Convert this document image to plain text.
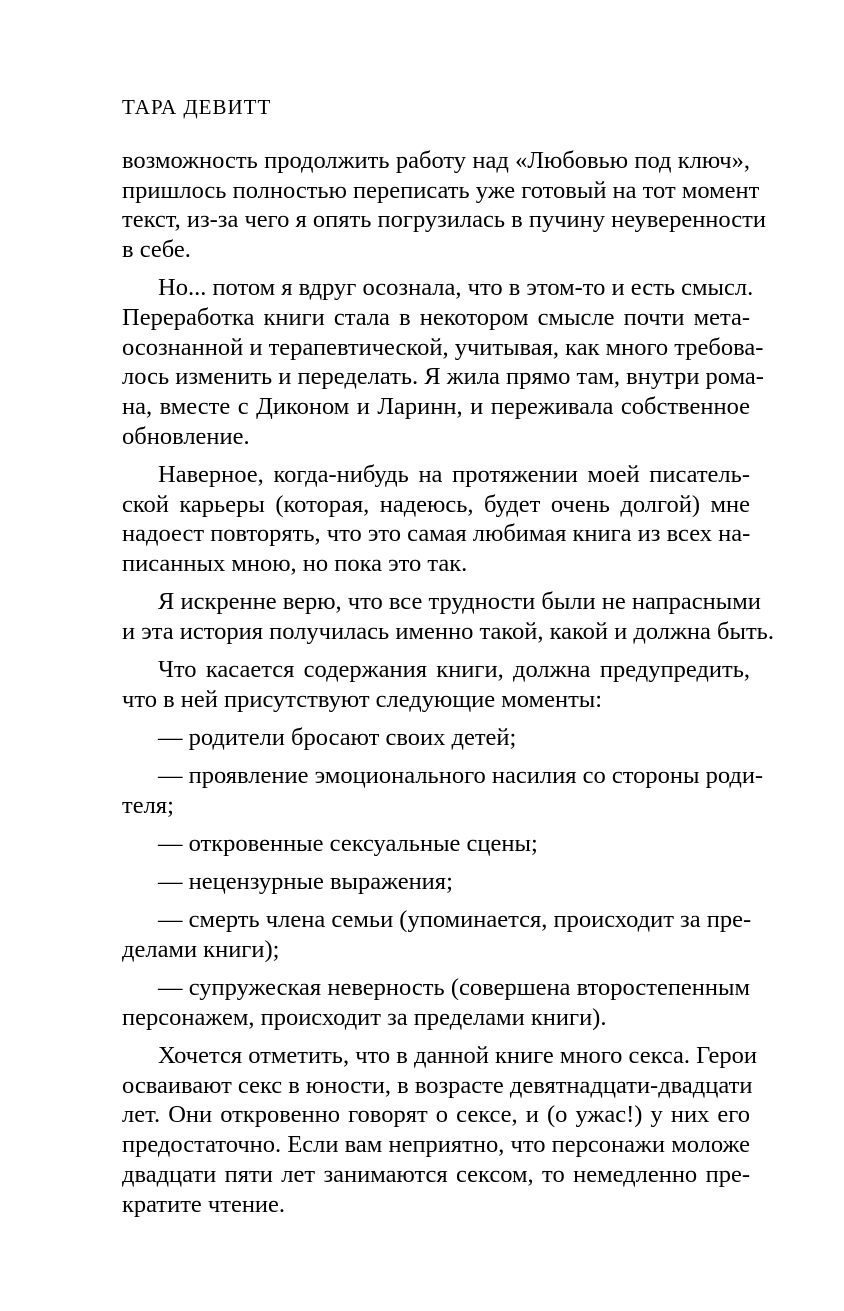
ТАРА ДЕВИТТ
возможность продолжить работу над «Любовью под ключ»,
пришлось полностью переписать уже готовый на тот момент
текст, из-за чего я опять погрузилась в пучину неуверенности
в себе.
Но... потом я вдруг осознала, что в этом-то и есть смысл.
Переработка книги стала в некотором смысле почти мета-
осознанной и терапевтической, учитывая, как много требова-
лось изменить и переделать. Я жила прямо там, внутри рома-
на, вместе с Диконом и Ларинн, и переживала собственное
обновление.
Наверное, когда-нибудь на протяжении моей писатель-
ской карьеры (которая, надеюсь, будет очень долгой) мне
надоест повторять, что это самая любимая книга из всех на-
писанных мною, но пока это так.
Я искренне верю, что все трудности были не напрасными
и эта история получилась именно такой, какой и должна быть.
Что касается содержания книги, должна предупредить,
что в ней присутствуют следующие моменты:
— родители бросают своих детей;
— проявление эмоционального насилия со стороны роди-
теля;
— откровенные сексуальные сцены;
— нецензурные выражения;
— смерть члена семьи (упоминается, происходит за пре-
делами книги);
— супружеская неверность (совершена второстепенным
персонажем, происходит за пределами книги).
Хочется отметить, что в данной книге много секса. Герои
осваивают секс в юности, в возрасте девятнадцати-двадцати
лет. Они откровенно говорят о сексе, и (о ужас!) у них его
предостаточно. Если вам неприятно, что персонажи моложе
двадцати пяти лет занимаются сексом, то немедленно пре-
кратите чтение.
